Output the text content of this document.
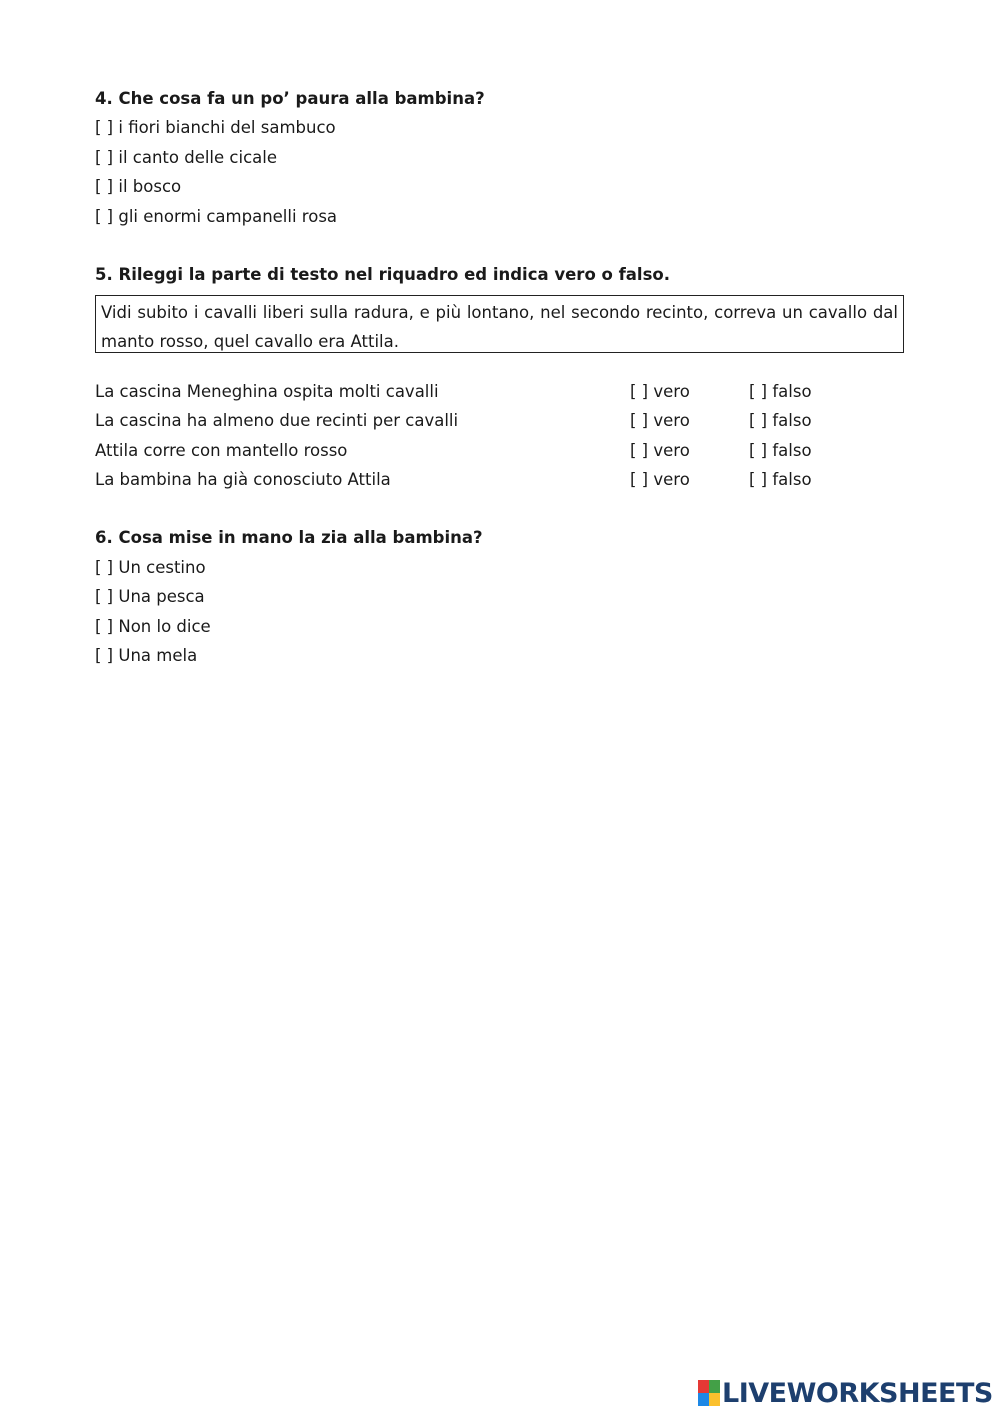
4. Che cosa fa un po’ paura alla bambina?
[ ] i fiori bianchi del sambuco
[ ] il canto delle cicale
[ ] il bosco
[ ] gli enormi campanelli rosa
5. Rileggi la parte di testo nel riquadro ed indica vero o falso.
Vidi subito i cavalli liberi sulla radura, e più lontano, nel secondo recinto, correva un cavallo dal manto rosso, quel cavallo era Attila.
La cascina Meneghina ospita molti cavalli	[ ] vero	[ ] falso
La cascina ha almeno due recinti per cavalli	[ ] vero	[ ] falso
Attila corre con mantello rosso	[ ] vero	[ ] falso
La bambina ha già conosciuto Attila	[ ] vero	[ ] falso
6. Cosa mise in mano la zia alla bambina?
[ ] Un cestino
[ ] Una pesca
[ ] Non lo dice
[ ] Una mela
LIVEWORKSHEETS
